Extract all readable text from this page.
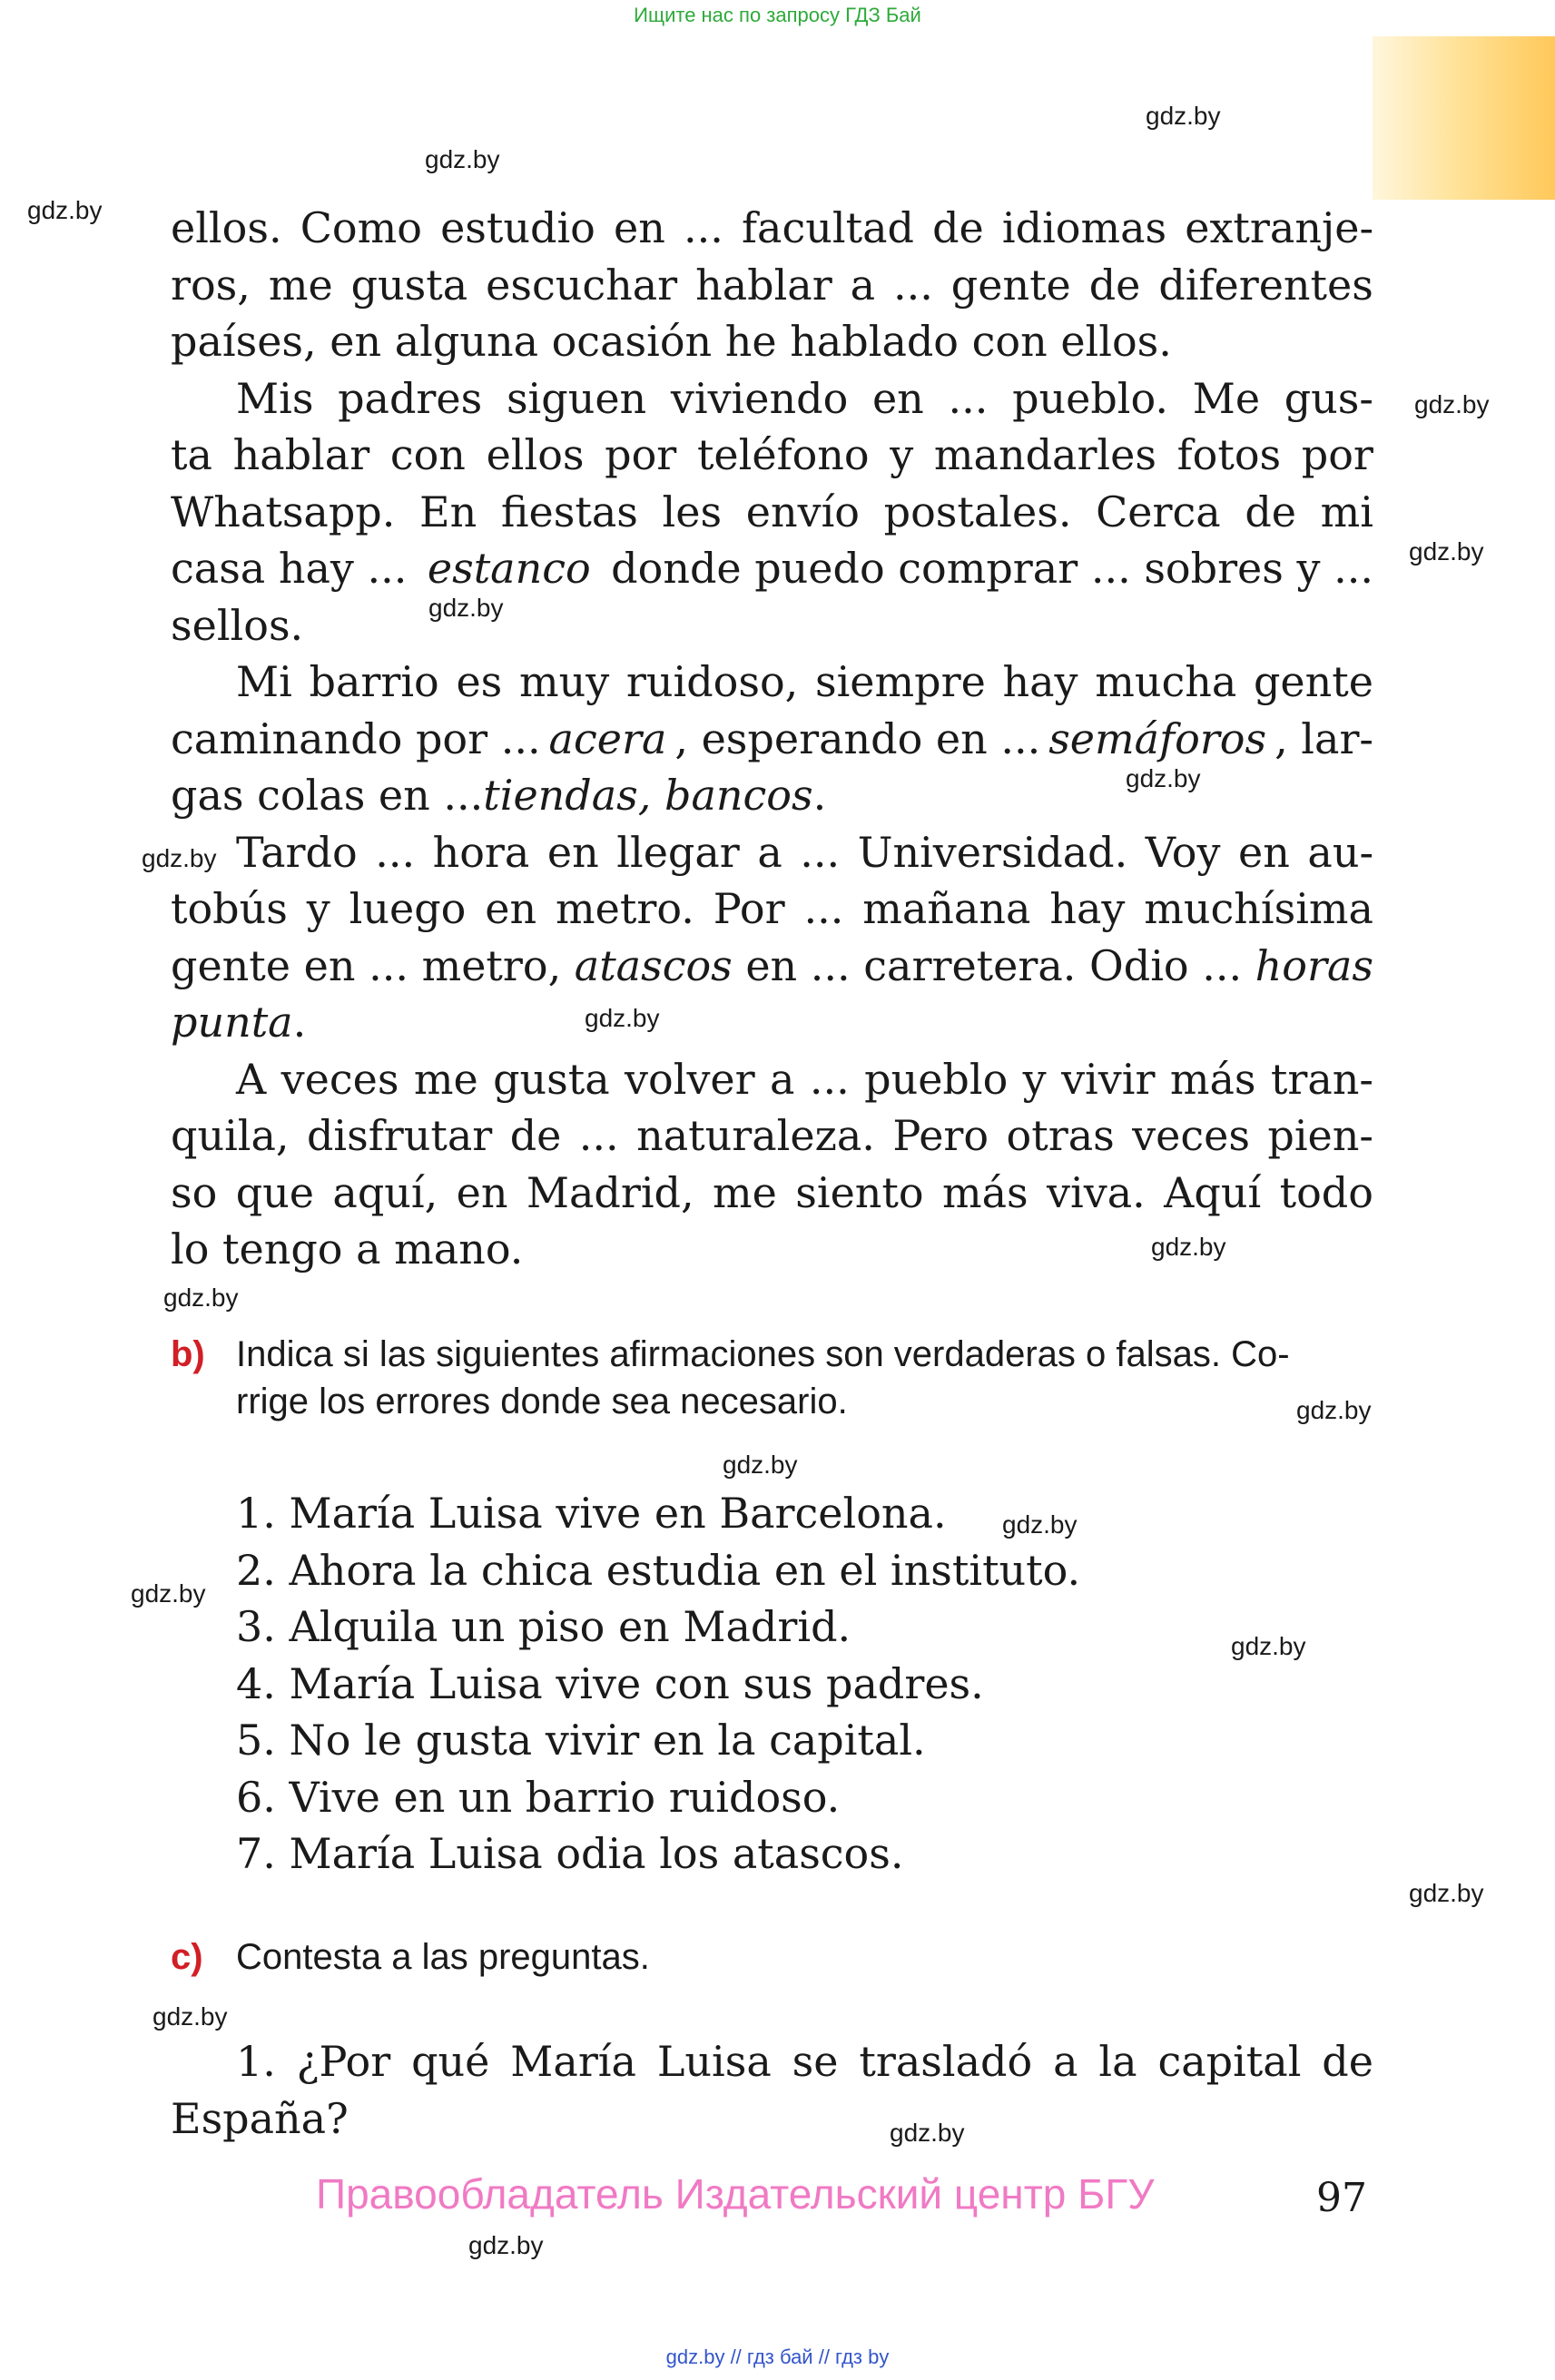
Ищите нас по запросу ГДЗ Бай
gdz.by
gdz.by
gdz.by
gdz.by
gdz.by
gdz.by
gdz.by
gdz.by
gdz.by
gdz.by
gdz.by
gdz.by
gdz.by
gdz.by
gdz.by
gdz.by
gdz.by
gdz.by
gdz.by
gdz.by
ellos. Como estudio en ... facultad de idiomas extranje-
ros, me gusta escuchar hablar a ... gente de diferentes
países, en alguna ocasión he hablado con ellos.
Mis padres siguen viviendo en ... pueblo. Me gus-
ta hablar con ellos por teléfono y mandarles fotos por
Whatsapp. En fiestas les envío postales. Cerca de mi
casa hay ... estanco donde puedo comprar ... sobres y ...
sellos.
Mi barrio es muy ruidoso, siempre hay mucha gente
caminando por ... acera , esperando en ... semáforos , lar-
gas colas en ... tiendas, bancos .
Tardo ... hora en llegar a ... Universidad. Voy en au-
tobús y luego en metro. Por ... mañana hay muchísima
gente en ... metro, atascos en ... carretera. Odio ... horas
punta .
A veces me gusta volver a ... pueblo y vivir más tran-
quila, disfrutar de ... naturaleza. Pero otras veces pien-
so que aquí, en Madrid, me siento más viva. Aquí todo
lo tengo a mano.
b) Indica si las siguientes afirmaciones son verdaderas o falsas. Co-
rrige los errores donde sea necesario.
1. María Luisa vive en Barcelona.
2. Ahora la chica estudia en el instituto.
3. Alquila un piso en Madrid.
4. María Luisa vive con sus padres.
5. No le gusta vivir en la capital.
6. Vive en un barrio ruidoso.
7. María Luisa odia los atascos.
c) Contesta a las preguntas.
1. ¿Por qué María Luisa se trasladó a la capital de
España?
Правообладатель Издательский центр БГУ	97
gdz.by // гдз бай // гдз by
